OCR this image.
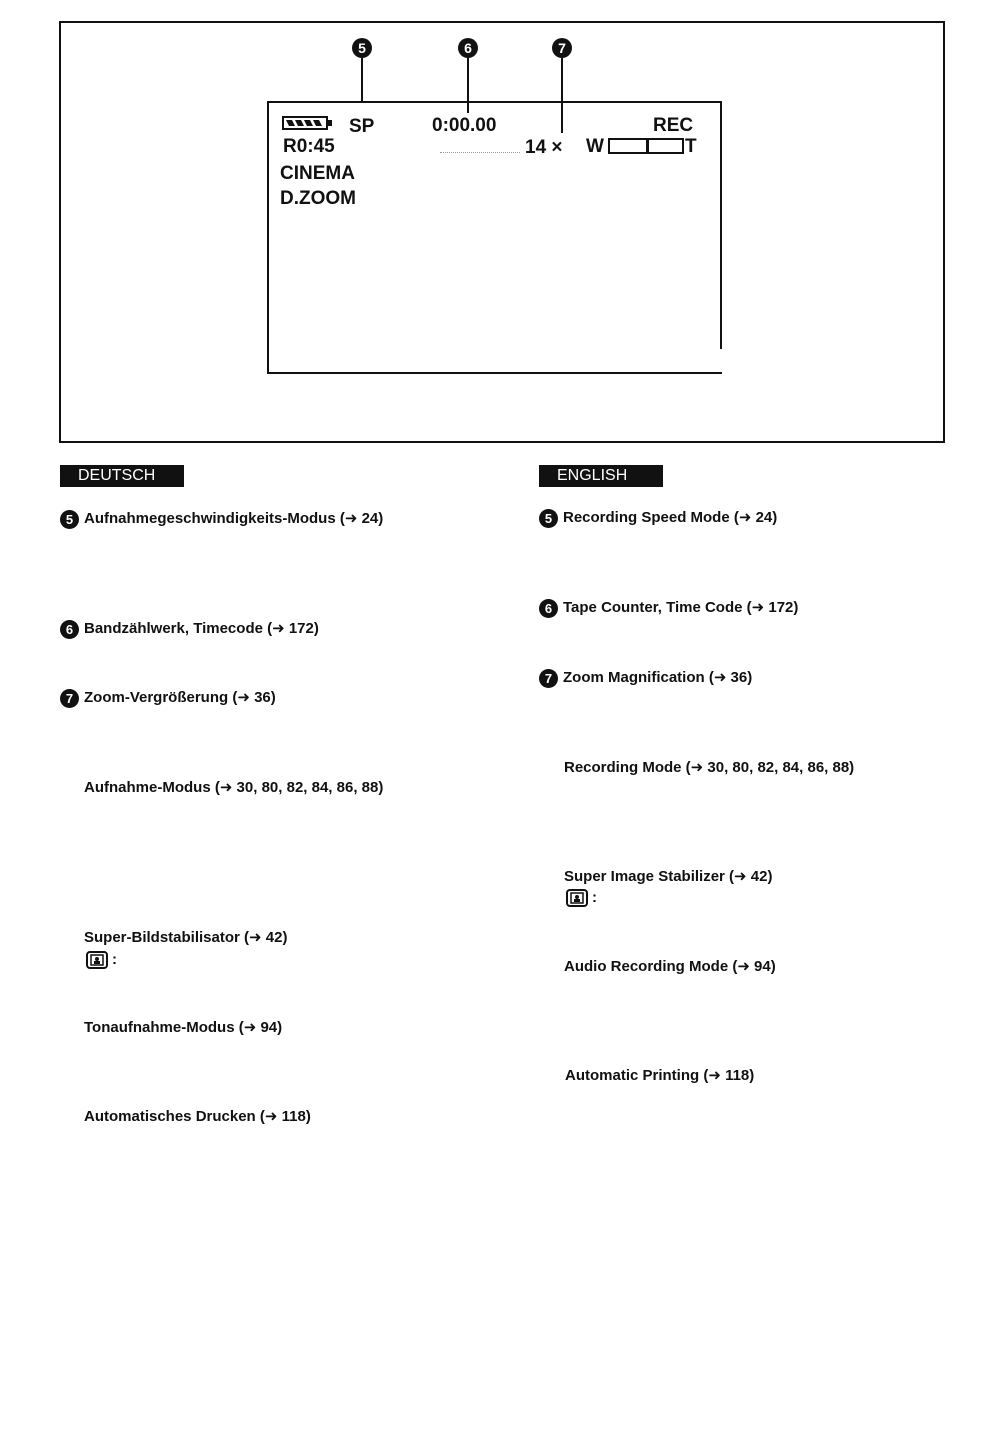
5	6	7
SP	0:00.00	REC
R0:45	14 × W	T
CINEMA
D.ZOOM
DEUTSCH	ENGLISH
5 Aufnahmegeschwindigkeits-Modus (➜ 24)
6 Bandzählwerk, Timecode (➜ 172)
7 Zoom-Vergrößerung (➜ 36)
Aufnahme-Modus (➜ 30, 80, 82, 84, 86, 88)
Super-Bildstabilisator (➜ 42)
:
Tonaufnahme-Modus (➜ 94)
Automatisches Drucken (➜ 118)
5 Recording Speed Mode (➜ 24)
6 Tape Counter, Time Code (➜ 172)
7 Zoom Magnification (➜ 36)
Recording Mode (➜ 30, 80, 82, 84, 86, 88)
Super Image Stabilizer (➜ 42)
:
Audio Recording Mode (➜ 94)
Automatic Printing (➜ 118)
